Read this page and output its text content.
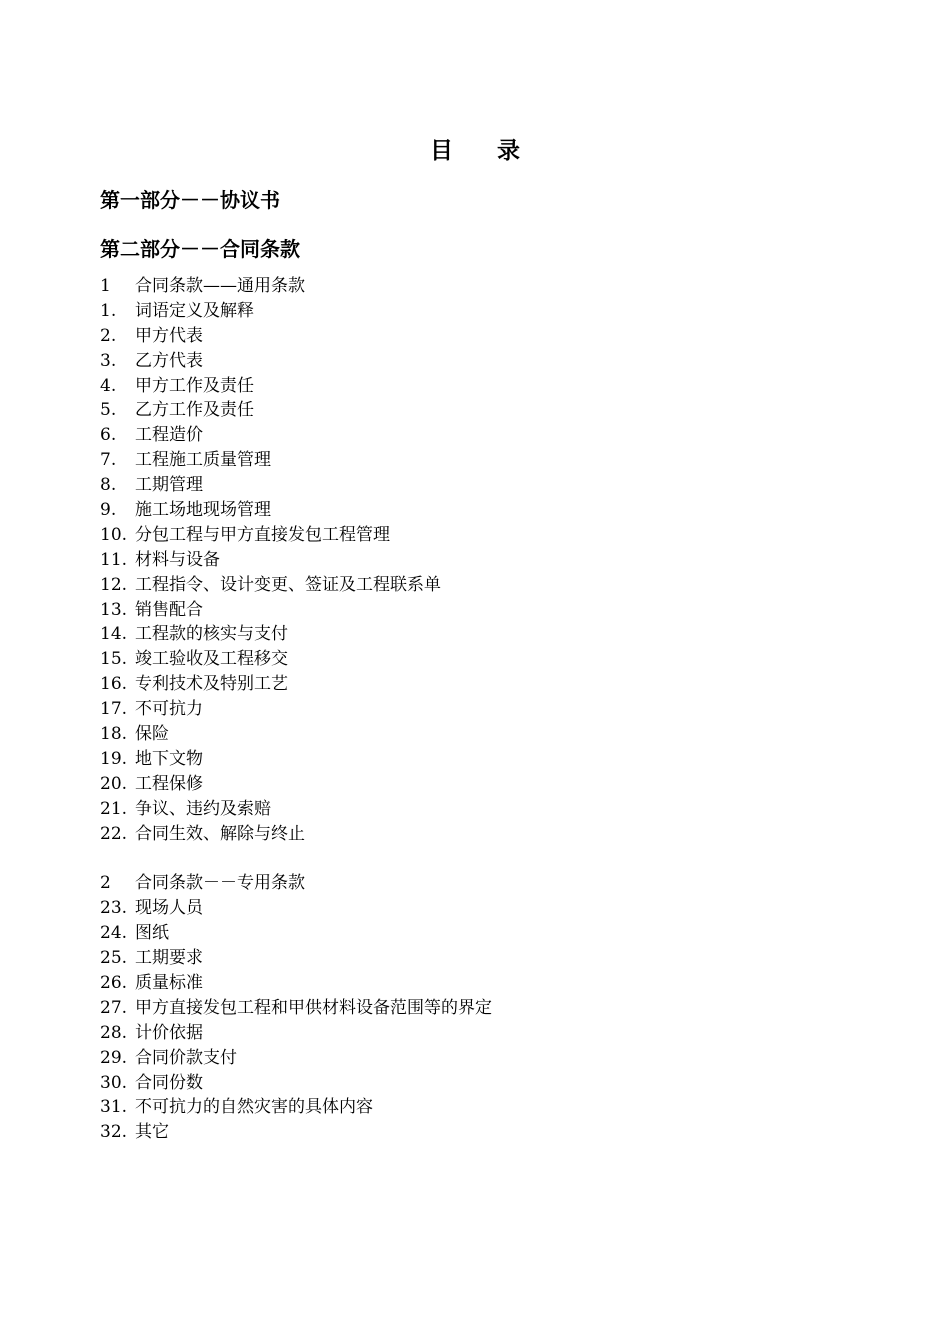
目 录
第一部分－－协议书
第二部分－－合同条款
1	合同条款——通用条款
1.	词语定义及解释
2.	甲方代表
3.	乙方代表
4.	甲方工作及责任
5.	乙方工作及责任
6.	工程造价
7.	工程施工质量管理
8.	工期管理
9.	施工场地现场管理
10. 分包工程与甲方直接发包工程管理
11. 材料与设备
12. 工程指令、设计变更、签证及工程联系单
13. 销售配合
14. 工程款的核实与支付
15. 竣工验收及工程移交
16. 专利技术及特别工艺
17. 不可抗力
18. 保险
19. 地下文物
20. 工程保修
21. 争议、违约及索赔
22. 合同生效、解除与终止
2	合同条款－－专用条款
23. 现场人员
24. 图纸
25. 工期要求
26. 质量标准
27. 甲方直接发包工程和甲供材料设备范围等的界定
28. 计价依据
29. 合同价款支付
30. 合同份数
31. 不可抗力的自然灾害的具体内容
32. 其它
